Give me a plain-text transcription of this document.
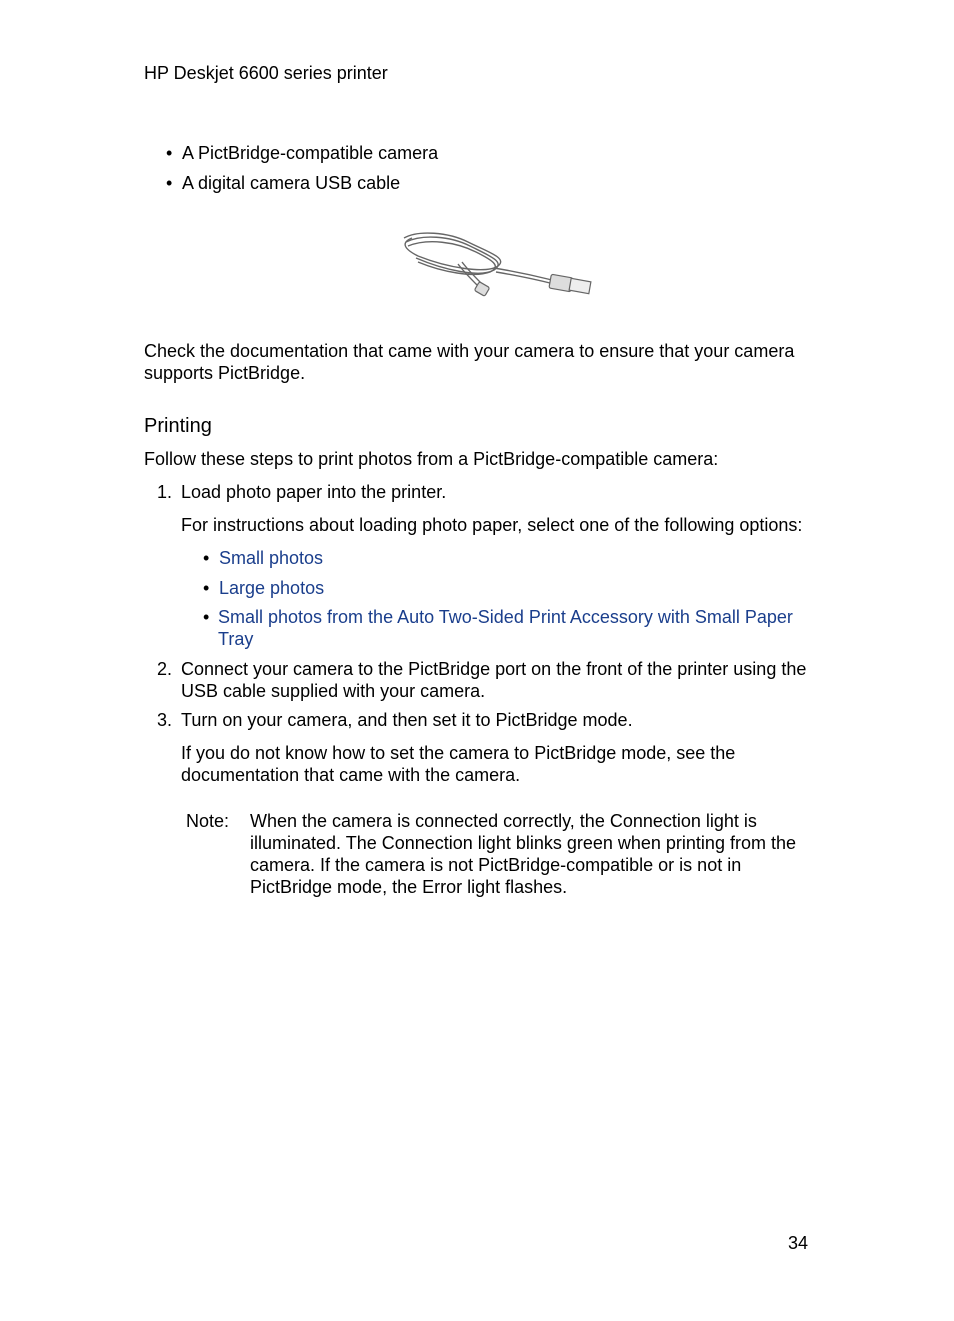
HP Deskjet 6600 series printer
• A PictBridge-compatible camera
• A digital camera USB cable
Check the documentation that came with your camera to ensure that your camera supports PictBridge.
Printing
Follow these steps to print photos from a PictBridge-compatible camera:
1. Load photo paper into the printer.
For instructions about loading photo paper, select one of the following options:
• Small photos
• Large photos
• Small photos from the Auto Two-Sided Print Accessory with Small Paper Tray
2. Connect your camera to the PictBridge port on the front of the printer using the USB cable supplied with your camera.
3. Turn on your camera, and then set it to PictBridge mode.
If you do not know how to set the camera to PictBridge mode, see the documentation that came with the camera.
Note: When the camera is connected correctly, the Connection light is illuminated. The Connection light blinks green when printing from the camera. If the camera is not PictBridge-compatible or is not in PictBridge mode, the Error light flashes.
34
